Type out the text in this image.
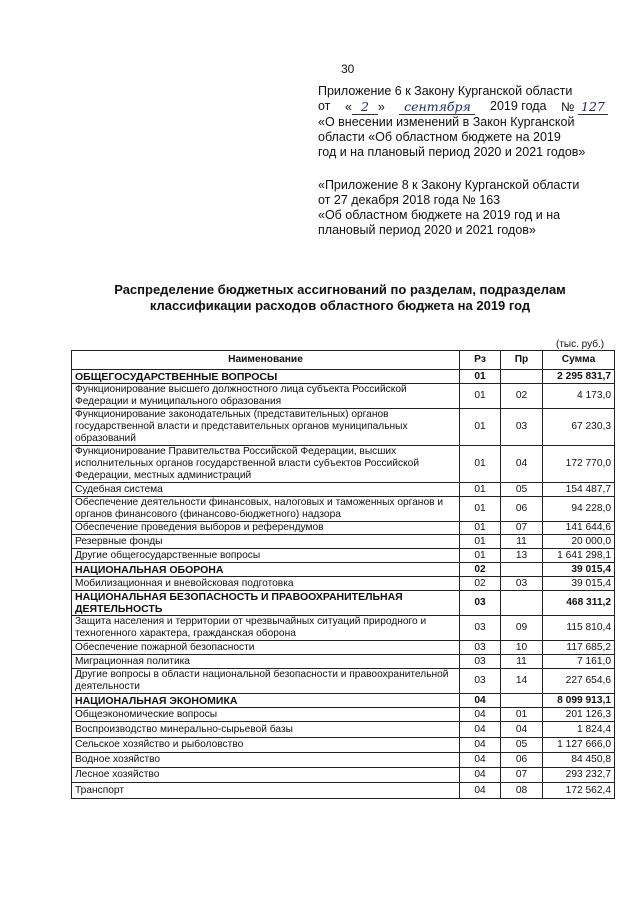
30
Приложение 6 к Закону Курганской области
от « 2 »	сентября	2019 года № 127
«О внесении изменений в Закон Курганской
области «Об областном бюджете на 2019
год и на плановый период 2020 и 2021 годов»
«Приложение 8 к Закону Курганской области
от 27 декабря 2018 года № 163
«Об областном бюджете на 2019 год и на
плановый период 2020 и 2021 годов»
Распределение бюджетных ассигнований по разделам, подразделам
классификации расходов областного бюджета на 2019 год
(тыс. руб.)
Наименование	Рз	Пр	Сумма
ОБЩЕГОСУДАРСТВЕННЫЕ ВОПРОСЫ	01		2 295 831,7
Функционирование высшего должностного лица субъекта Российской Федерации и муниципального образования	01	02	4 173,0
Функционирование законодательных (представительных) органов государственной власти и представительных органов муниципальных образований	01	03	67 230,3
Функционирование Правительства Российской Федерации, высших исполнительных органов государственной власти субъектов Российской Федерации, местных администраций	01	04	172 770,0
Судебная система	01	05	154 487,7
Обеспечение деятельности финансовых, налоговых и таможенных органов и органов финансового (финансово-бюджетного) надзора	01	06	94 228,0
Обеспечение проведения выборов и референдумов	01	07	141 644,6
Резервные фонды	01	11	20 000,0
Другие общегосударственные вопросы	01	13	1 641 298,1
НАЦИОНАЛЬНАЯ ОБОРОНА	02		39 015,4
Мобилизационная и вневойсковая подготовка	02	03	39 015,4
НАЦИОНАЛЬНАЯ БЕЗОПАСНОСТЬ И ПРАВООХРАНИТЕЛЬНАЯ ДЕЯТЕЛЬНОСТЬ	03		468 311,2
Защита населения и территории от чрезвычайных ситуаций природного и техногенного характера, гражданская оборона	03	09	115 810,4
Обеспечение пожарной безопасности	03	10	117 685,2
Миграционная политика	03	11	7 161,0
Другие вопросы в области национальной безопасности и правоохранительной деятельности	03	14	227 654,6
НАЦИОНАЛЬНАЯ ЭКОНОМИКА	04		8 099 913,1
Общеэкономические вопросы	04	01	201 126,3
Воспроизводство минерально-сырьевой базы	04	04	1 824,4
Сельское хозяйство и рыболовство	04	05	1 127 666,0
Водное хозяйство	04	06	84 450,8
Лесное хозяйство	04	07	293 232,7
Транспорт	04	08	172 562,4
